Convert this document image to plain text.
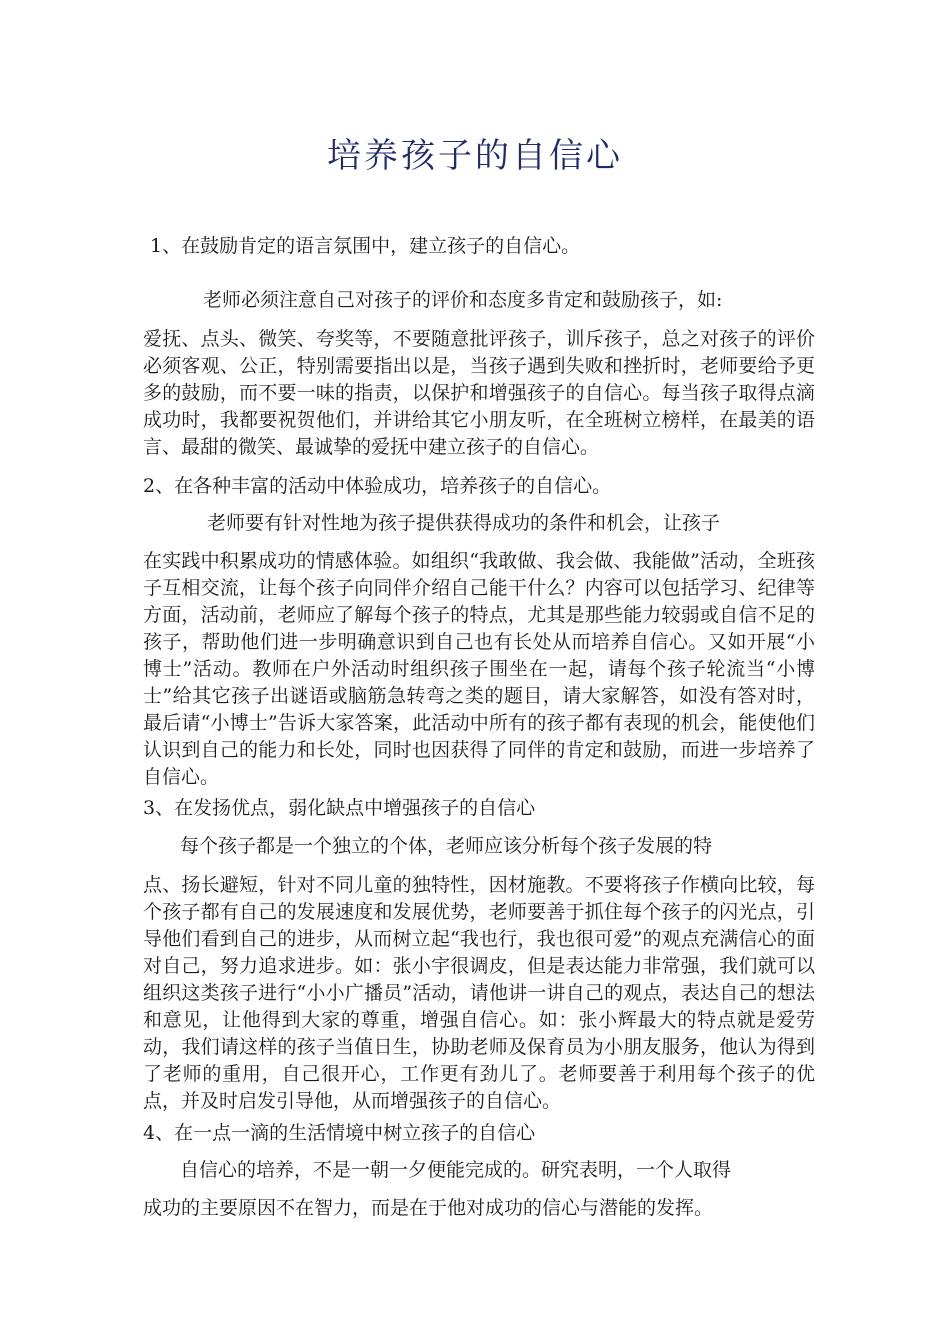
培养孩子的自信心
1、在鼓励肯定的语言氛围中，建立孩子的自信心。
老师必须注意自己对孩子的评价和态度多肯定和鼓励孩子，如:
爱抚、点头、微笑、夸奖等，不要随意批评孩子，训斥孩子，总之对孩子的评价必须客观、公正，特别需要指出以是，当孩子遇到失败和挫折时，老师要给予更多的鼓励，而不要一味的指责，以保护和增强孩子的自信心。每当孩子取得点滴成功时，我都要祝贺他们，并讲给其它小朋友听，在全班树立榜样，在最美的语言、最甜的微笑、最诚挚的爱抚中建立孩子的自信心。
2、在各种丰富的活动中体验成功，培养孩子的自信心。
老师要有针对性地为孩子提供获得成功的条件和机会，让孩子
在实践中积累成功的情感体验。如组织“我敢做、我会做、我能做”活动，全班孩子互相交流，让每个孩子向同伴介绍自己能干什么？内容可以包括学习、纪律等方面，活动前，老师应了解每个孩子的特点，尤其是那些能力较弱或自信不足的孩子，帮助他们进一步明确意识到自己也有长处从而培养自信心。又如开展“小博士”活动。教师在户外活动时组织孩子围坐在一起，请每个孩子轮流当“小博士”给其它孩子出谜语或脑筋急转弯之类的题目，请大家解答，如没有答对时，最后请“小博士”告诉大家答案，此活动中所有的孩子都有表现的机会，能使他们认识到自己的能力和长处，同时也因获得了同伴的肯定和鼓励，而进一步培养了自信心。
3、在发扬优点，弱化缺点中增强孩子的自信心
每个孩子都是一个独立的个体，老师应该分析每个孩子发展的特
点、扬长避短，针对不同儿童的独特性，因材施教。不要将孩子作横向比较，每个孩子都有自己的发展速度和发展优势，老师要善于抓住每个孩子的闪光点，引导他们看到自己的进步，从而树立起“我也行，我也很可爱”的观点充满信心的面对自己，努力追求进步。如：张小宇很调皮，但是表达能力非常强，我们就可以组织这类孩子进行“小小广播员”活动，请他讲一讲自己的观点，表达自己的想法和意见，让他得到大家的尊重，增强自信心。如：张小辉最大的特点就是爱劳动，我们请这样的孩子当值日生，协助老师及保育员为小朋友服务，他认为得到了老师的重用，自己很开心，工作更有劲儿了。老师要善于利用每个孩子的优点，并及时启发引导他，从而增强孩子的自信心。
4、在一点一滴的生活情境中树立孩子的自信心
自信心的培养，不是一朝一夕便能完成的。研究表明，一个人取得
成功的主要原因不在智力，而是在于他对成功的信心与潜能的发挥。
